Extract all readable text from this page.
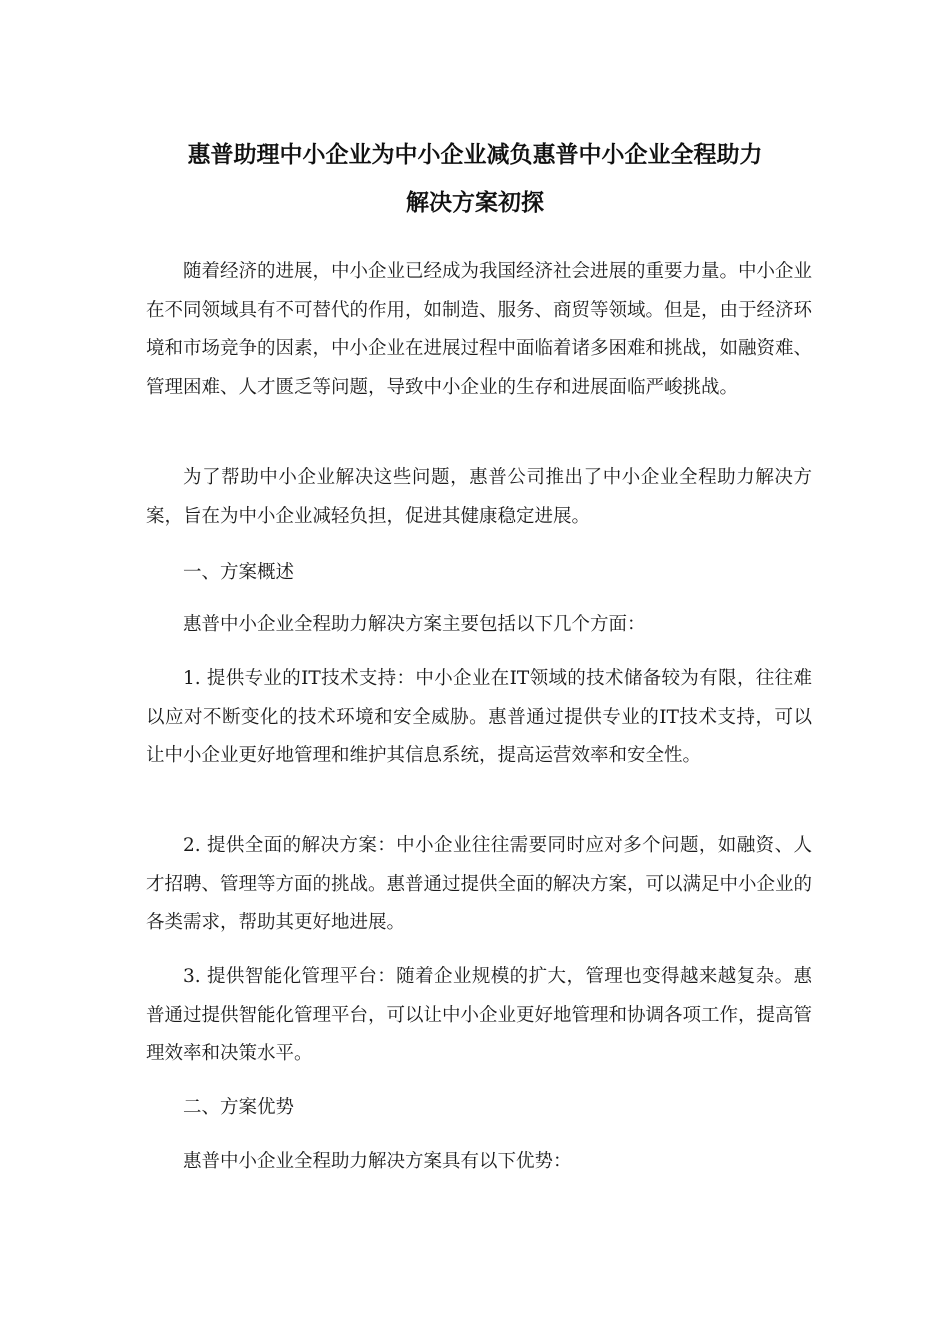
惠普助理中小企业为中小企业减负惠普中小企业全程助力
解决方案初探

随着经济的进展，中小企业已经成为我国经济社会进展的重要力量。中小企业在不同领域具有不可替代的作用，如制造、服务、商贸等领域。但是，由于经济环境和市场竞争的因素，中小企业在进展过程中面临着诸多困难和挑战，如融资难、管理困难、人才匮乏等问题，导致中小企业的生存和进展面临严峻挑战。

为了帮助中小企业解决这些问题，惠普公司推出了中小企业全程助力解决方案，旨在为中小企业减轻负担，促进其健康稳定进展。

一、方案概述

惠普中小企业全程助力解决方案主要包括以下几个方面：

1. 提供专业的IT技术支持：中小企业在IT领域的技术储备较为有限，往往难以应对不断变化的技术环境和安全威胁。惠普通过提供专业的IT技术支持，可以让中小企业更好地管理和维护其信息系统，提高运营效率和安全性。

2. 提供全面的解决方案：中小企业往往需要同时应对多个问题，如融资、人才招聘、管理等方面的挑战。惠普通过提供全面的解决方案，可以满足中小企业的各类需求，帮助其更好地进展。

3. 提供智能化管理平台：随着企业规模的扩大，管理也变得越来越复杂。惠普通过提供智能化管理平台，可以让中小企业更好地管理和协调各项工作，提高管理效率和决策水平。

二、方案优势

惠普中小企业全程助力解决方案具有以下优势：
